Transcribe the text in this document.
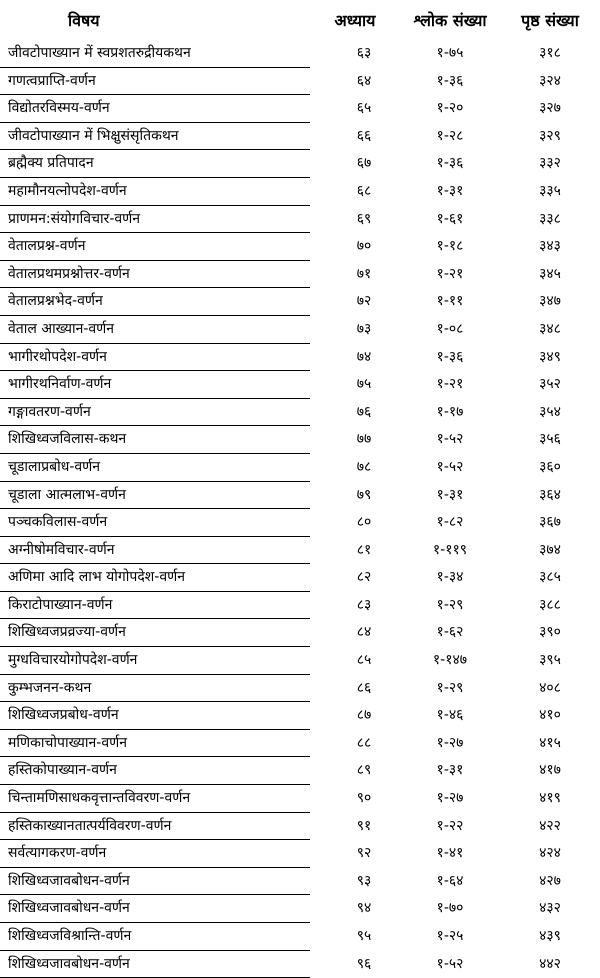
विषय	अध्याय	श्लोक संख्या	पृष्ठ संख्या
जीवटोपाख्यान में स्वप्रशतरुद्रीयकथन	६३	१-७५	३१८
गणत्वप्राप्ति-वर्णन	६४	१-३६	३२४
विद्योतरविस्मय-वर्णन	६५	१-२०	३२७
जीवटोपाख्यान में भिक्षुसंसृतिकथन	६६	१-२८	३२९
ब्रह्मैक्य प्रतिपादन	६७	१-३६	३३२
महामौनयत्नोपदेश-वर्णन	६८	१-३१	३३५
प्राणमन:संयोगविचार-वर्णन	६९	१-६१	३३८
वेतालप्रश्न-वर्णन	७०	१-१८	३४३
वेतालप्रथमप्रश्नोत्तर-वर्णन	७१	१-२१	३४५
वेतालप्रश्नभेद-वर्णन	७२	१-११	३४७
वेताल आख्यान-वर्णन	७३	१-०८	३४८
भागीरथोपदेश-वर्णन	७४	१-३६	३४९
भागीरथनिर्वाण-वर्णन	७५	१-२१	३५२
गङ्गावतरण-वर्णन	७६	१-१७	३५४
शिखिध्वजविलास-कथन	७७	१-५२	३५६
चूडालाप्रबोध-वर्णन	७८	१-५२	३६०
चूडाला आत्मलाभ-वर्णन	७९	१-३१	३६४
पञ्चकविलास-वर्णन	८०	१-८२	३६७
अग्नीषोमविचार-वर्णन	८१	१-११९	३७४
अणिमा आदि लाभ योगोपदेश-वर्णन	८२	१-३४	३८५
किराटोपाख्यान-वर्णन	८३	१-२९	३८८
शिखिध्वजप्रव्रज्या-वर्णन	८४	१-६२	३९०
मुग्धविचारयोगोपदेश-वर्णन	८५	१-१४७	३९५
कुम्भजनन-कथन	८६	१-२९	४०८
शिखिध्वजप्रबोध-वर्णन	८७	१-४६	४१०
मणिकाचोपाख्यान-वर्णन	८८	१-२७	४१५
हस्तिकोपाख्यान-वर्णन	८९	१-३१	४१७
चिन्तामणिसाधकवृत्तान्तविवरण-वर्णन	९०	१-२७	४१९
हस्तिकाख्यानतात्पर्यविवरण-वर्णन	९१	१-२२	४२२
सर्वत्यागकरण-वर्णन	९२	१-४१	४२४
शिखिध्वजावबोधन-वर्णन	९३	१-६४	४२७
शिखिध्वजावबोधन-वर्णन	९४	१-७०	४३२
शिखिध्वजविश्रान्ति-वर्णन	९५	१-२५	४३९
शिखिध्वजावबोधन-वर्णन	९६	१-५२	४४२
